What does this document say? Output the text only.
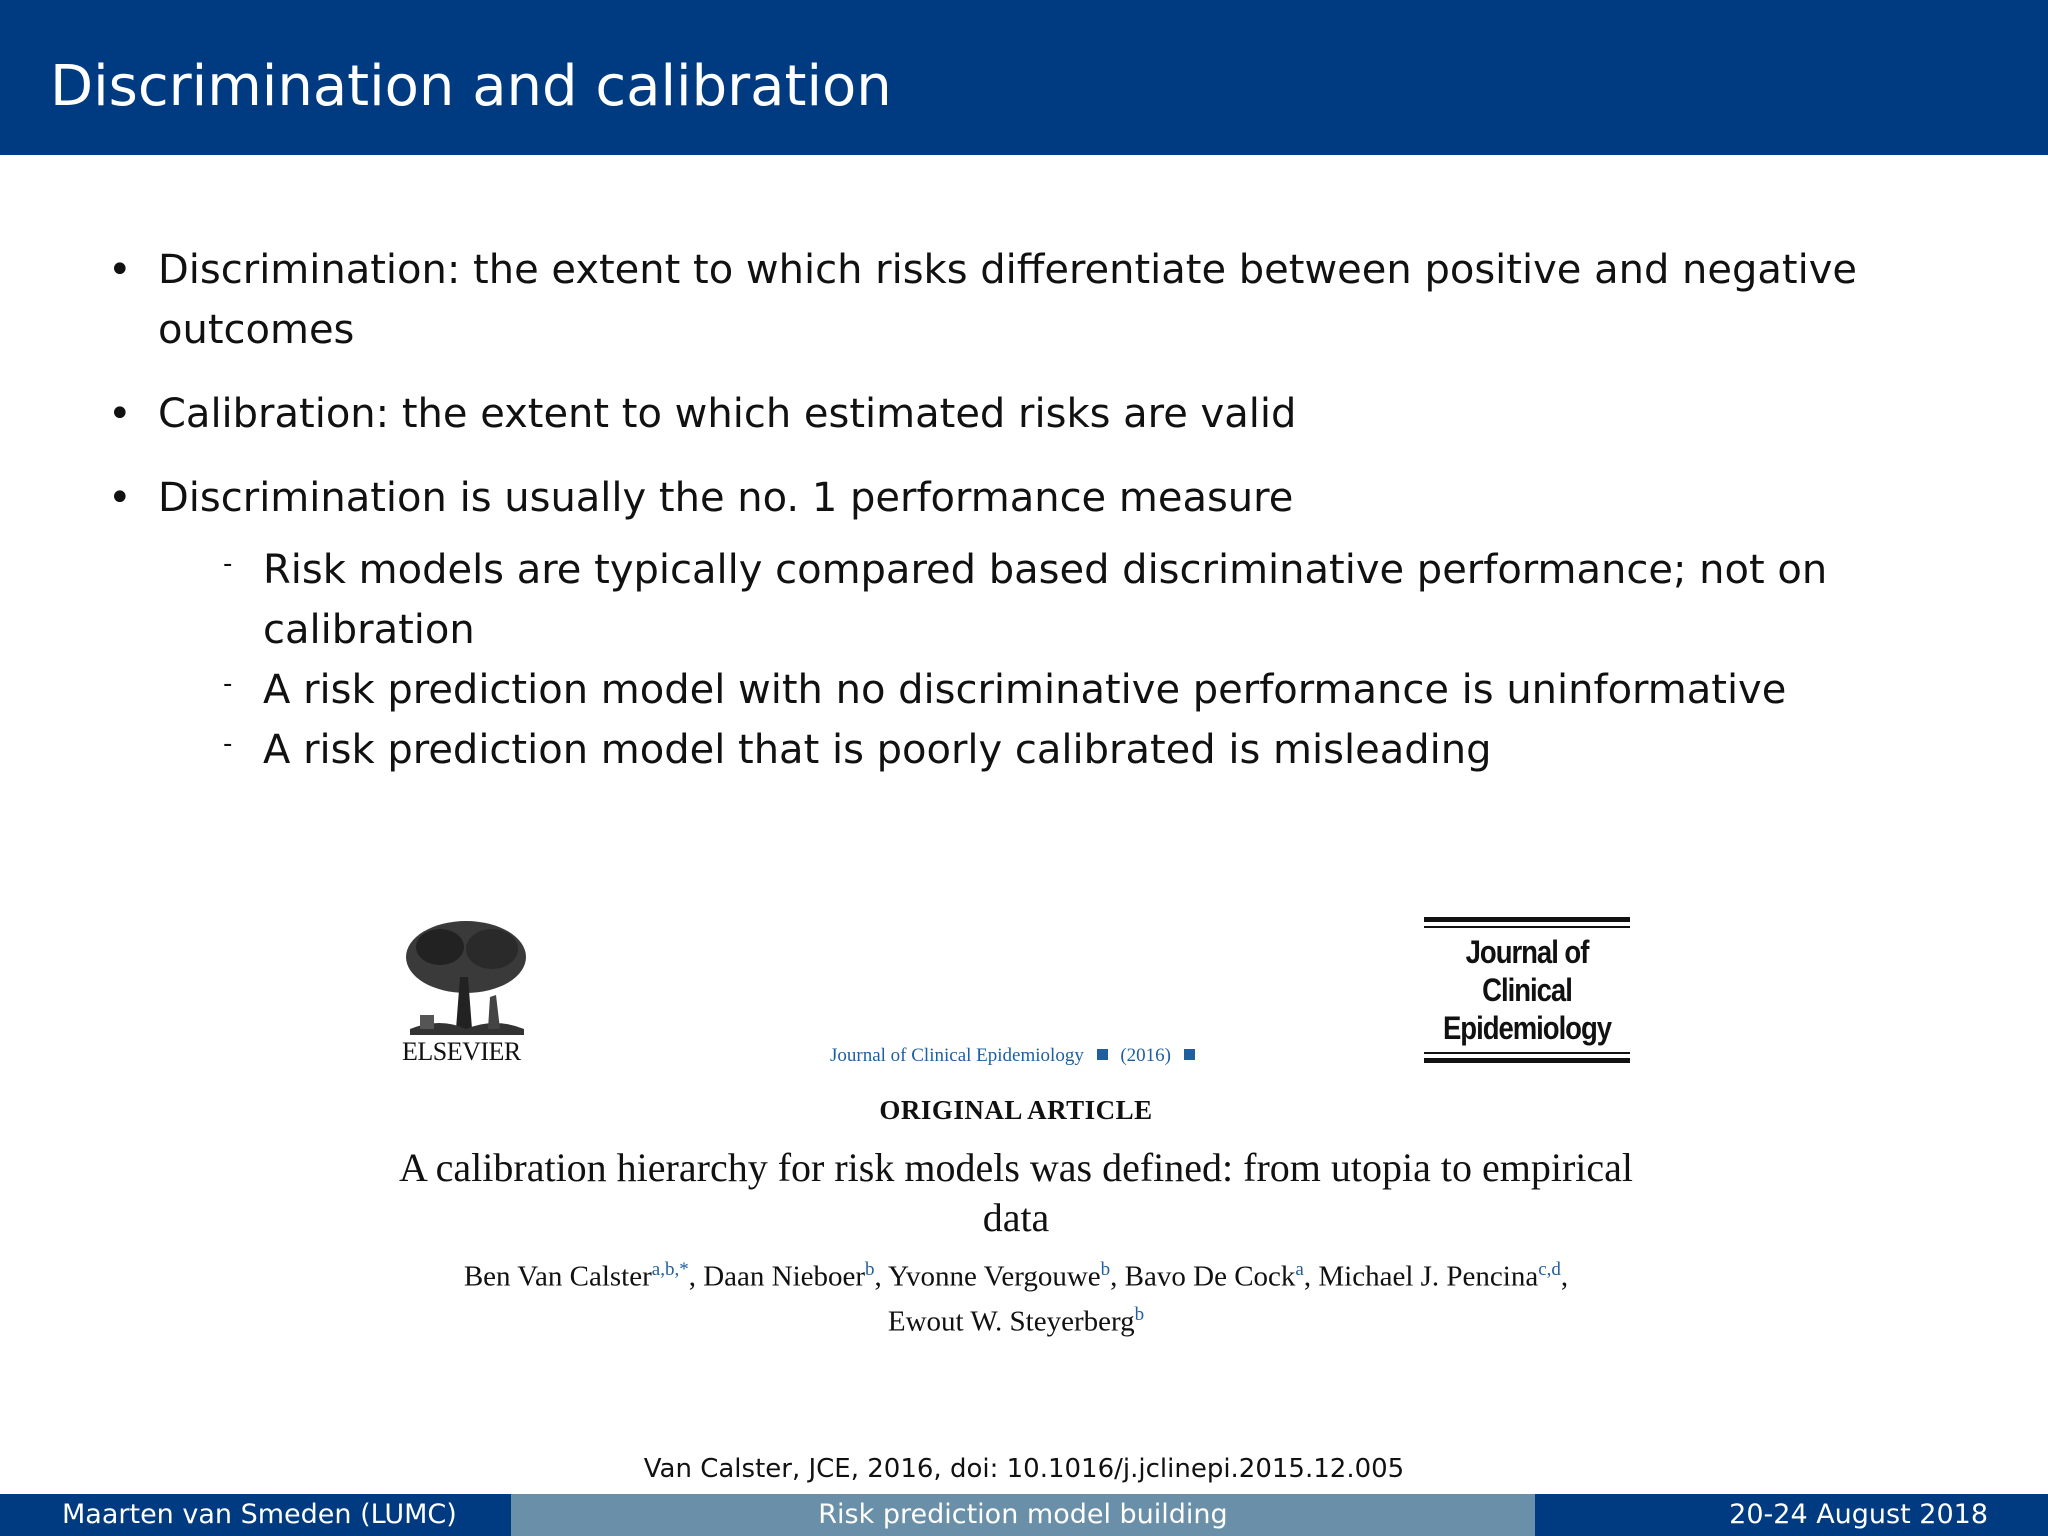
Discrimination and calibration
• Discrimination: the extent to which risks differentiate between positive and negative outcomes
• Calibration: the extent to which estimated risks are valid
• Discrimination is usually the no. 1 performance measure
- Risk models are typically compared based discriminative performance; not on calibration
- A risk prediction model with no discriminative performance is uninformative
- A risk prediction model that is poorly calibrated is misleading
ELSEVIER	Journal of Clinical Epidemiology (2016)
Journal of
Clinical
Epidemiology
ORIGINAL ARTICLE
A calibration hierarchy for risk models was defined: from utopia to empirical data
Ben Van Calster$^{a,b,*}$, Daan Nieboer$^b$, Yvonne Vergouwe$^b$, Bavo De Cock$^a$, Michael J. Pencina$^{c,d}$,
Ewout W. Steyerberg$^b$
Van Calster, JCE, 2016, doi: 10.1016/j.jclinepi.2015.12.005
Maarten van Smeden (LUMC)	Risk prediction model building	20-24 August 2018
